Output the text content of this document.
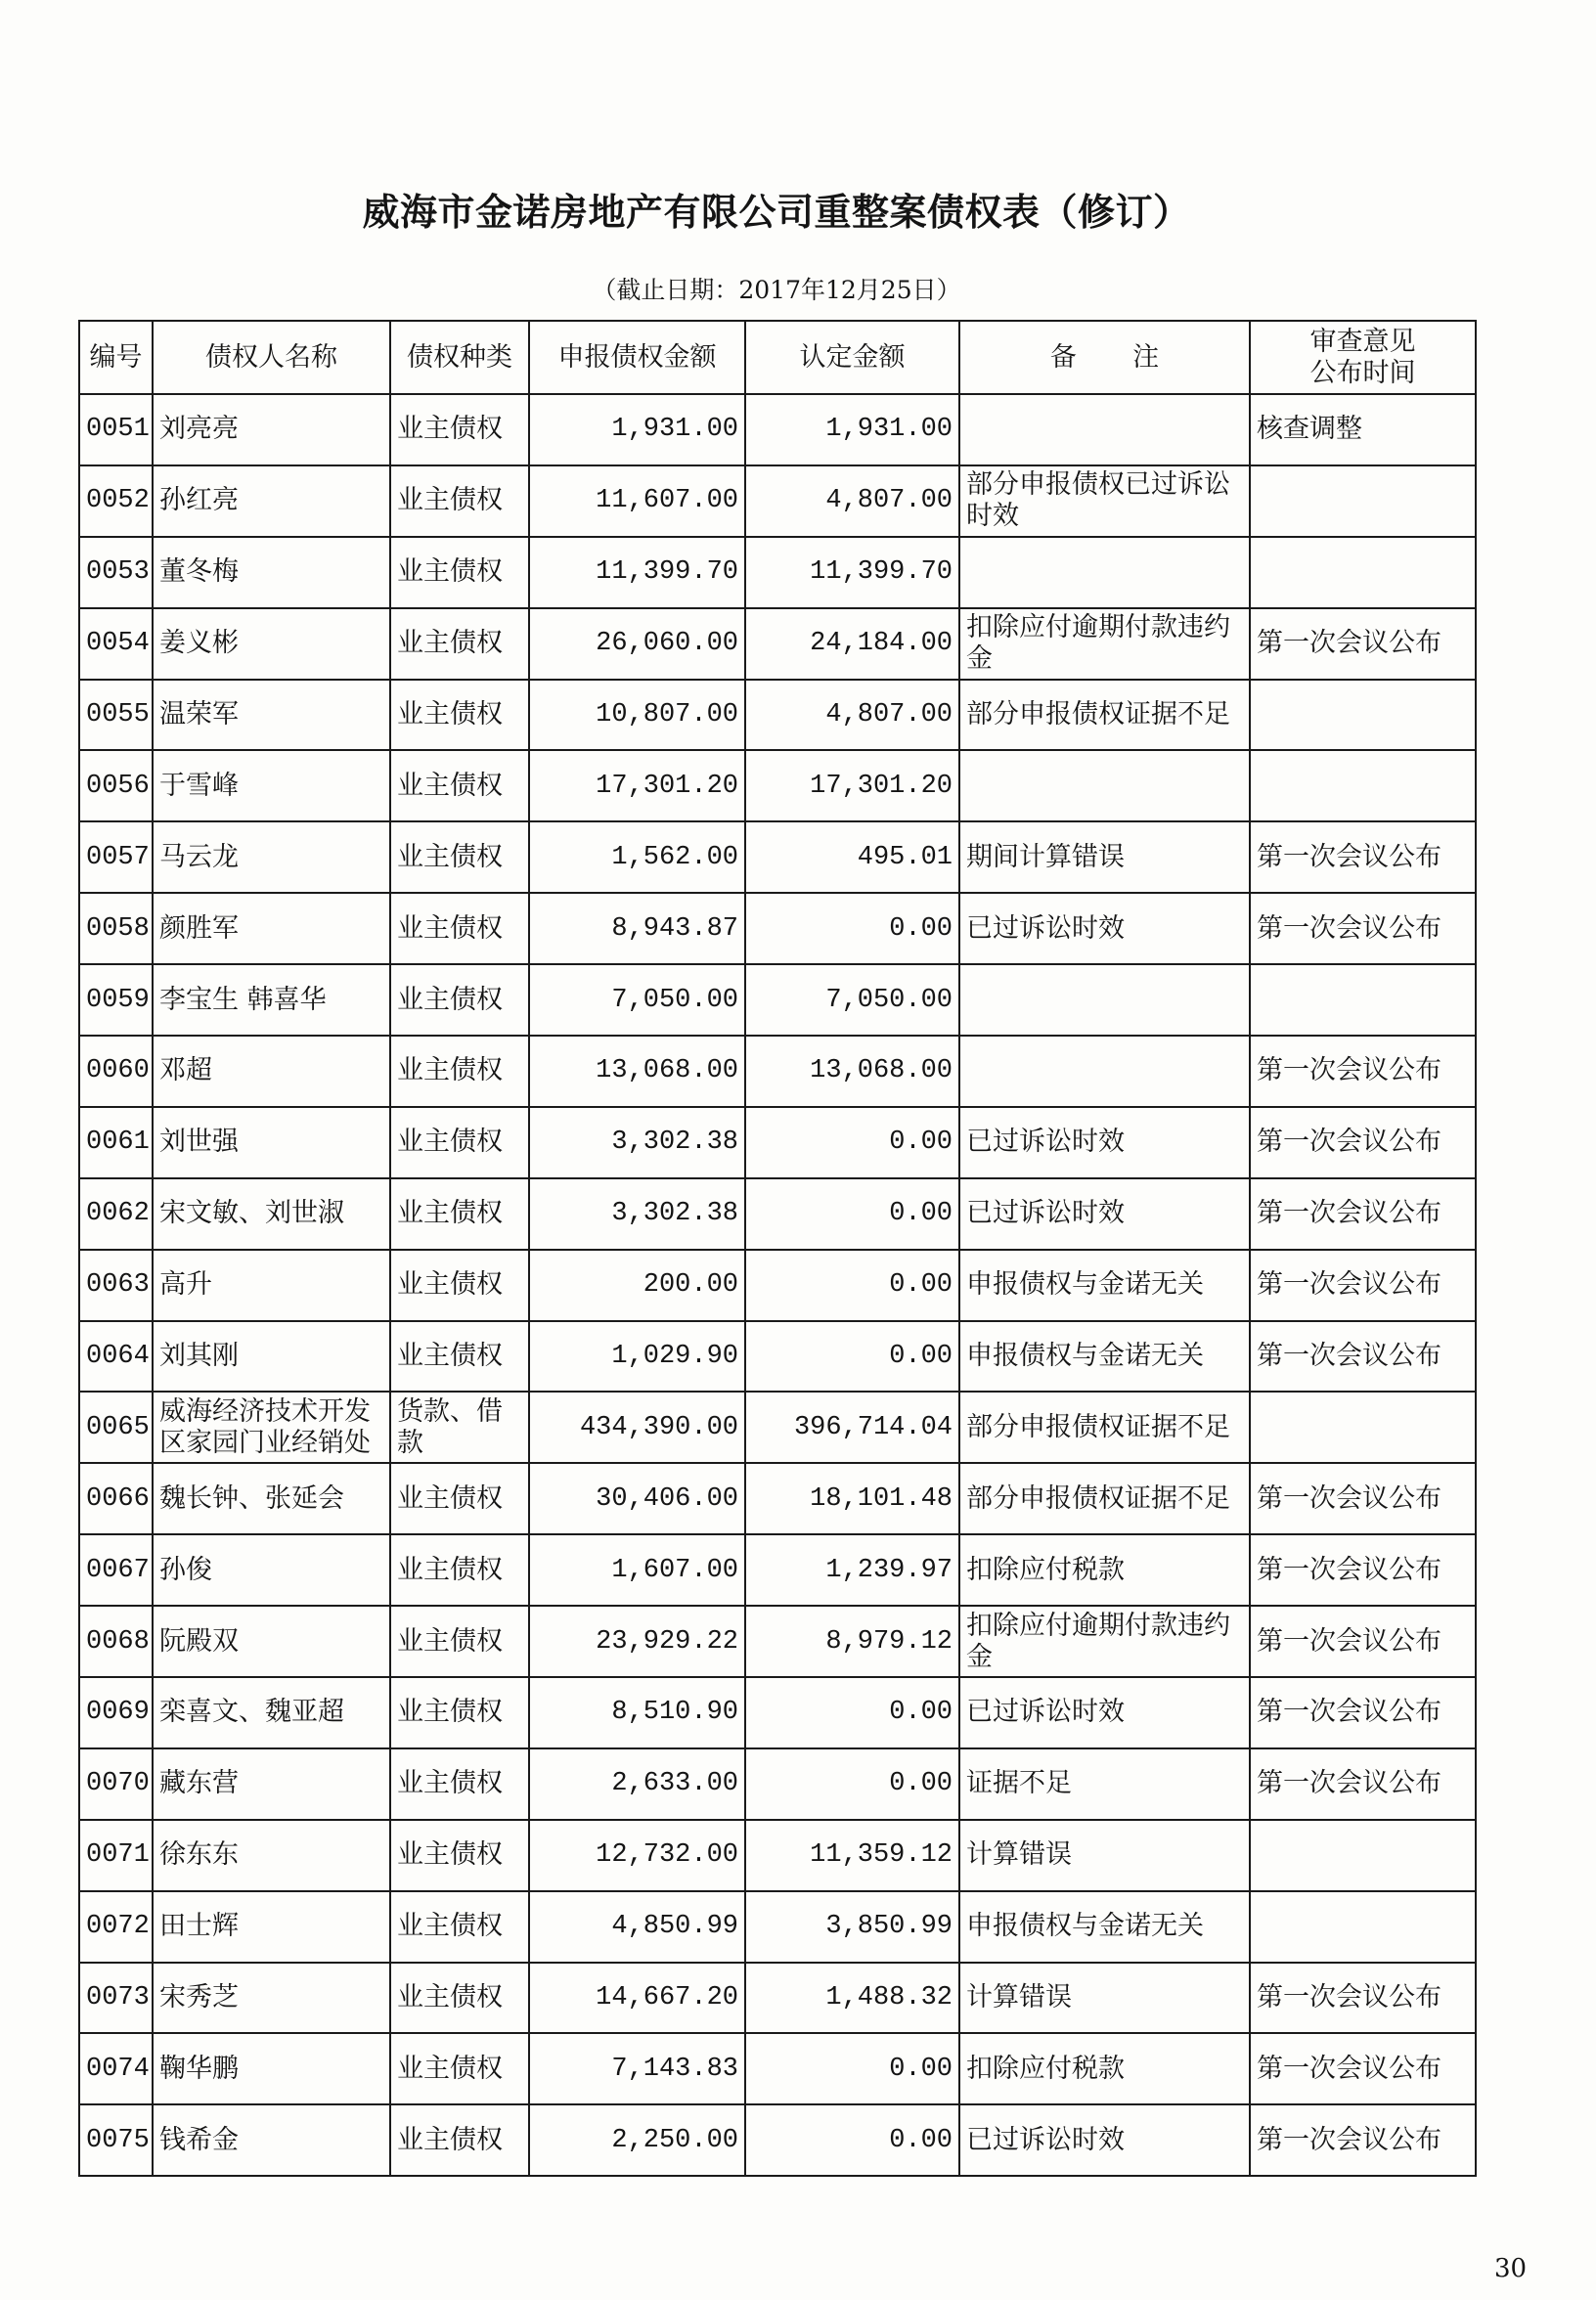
威海市金诺房地产有限公司重整案债权表（修订）

（截止日期：2017年12月25日）

编号	债权人名称	债权种类	申报债权金额	认定金额	备 注	审查意见
公布时间

0051	刘亮亮	业主债权	1,931.00	1,931.00		核查调整
0052	孙红亮	业主债权	11,607.00	4,807.00	部分申报债权已过诉讼时效	
0053	董冬梅	业主债权	11,399.70	11,399.70		
0054	姜义彬	业主债权	26,060.00	24,184.00	扣除应付逾期付款违约金	第一次会议公布
0055	温荣军	业主债权	10,807.00	4,807.00	部分申报债权证据不足	
0056	于雪峰	业主债权	17,301.20	17,301.20		
0057	马云龙	业主债权	1,562.00	495.01	期间计算错误	第一次会议公布
0058	颜胜军	业主债权	8,943.87	0.00	已过诉讼时效	第一次会议公布
0059	李宝生 韩喜华	业主债权	7,050.00	7,050.00		
0060	邓超	业主债权	13,068.00	13,068.00		第一次会议公布
0061	刘世强	业主债权	3,302.38	0.00	已过诉讼时效	第一次会议公布
0062	宋文敏、刘世淑	业主债权	3,302.38	0.00	已过诉讼时效	第一次会议公布
0063	高升	业主债权	200.00	0.00	申报债权与金诺无关	第一次会议公布
0064	刘其刚	业主债权	1,029.90	0.00	申报债权与金诺无关	第一次会议公布
0065	威海经济技术开发区家园门业经销处	货款、借款	434,390.00	396,714.04	部分申报债权证据不足	
0066	魏长钟、张延会	业主债权	30,406.00	18,101.48	部分申报债权证据不足	第一次会议公布
0067	孙俊	业主债权	1,607.00	1,239.97	扣除应付税款	第一次会议公布
0068	阮殿双	业主债权	23,929.22	8,979.12	扣除应付逾期付款违约金	第一次会议公布
0069	栾喜文、魏亚超	业主债权	8,510.90	0.00	已过诉讼时效	第一次会议公布
0070	藏东营	业主债权	2,633.00	0.00	证据不足	第一次会议公布
0071	徐东东	业主债权	12,732.00	11,359.12	计算错误	
0072	田士辉	业主债权	4,850.99	3,850.99	申报债权与金诺无关	
0073	宋秀芝	业主债权	14,667.20	1,488.32	计算错误	第一次会议公布
0074	鞠华鹏	业主债权	7,143.83	0.00	扣除应付税款	第一次会议公布
0075	钱希金	业主债权	2,250.00	0.00	已过诉讼时效	第一次会议公布
30
